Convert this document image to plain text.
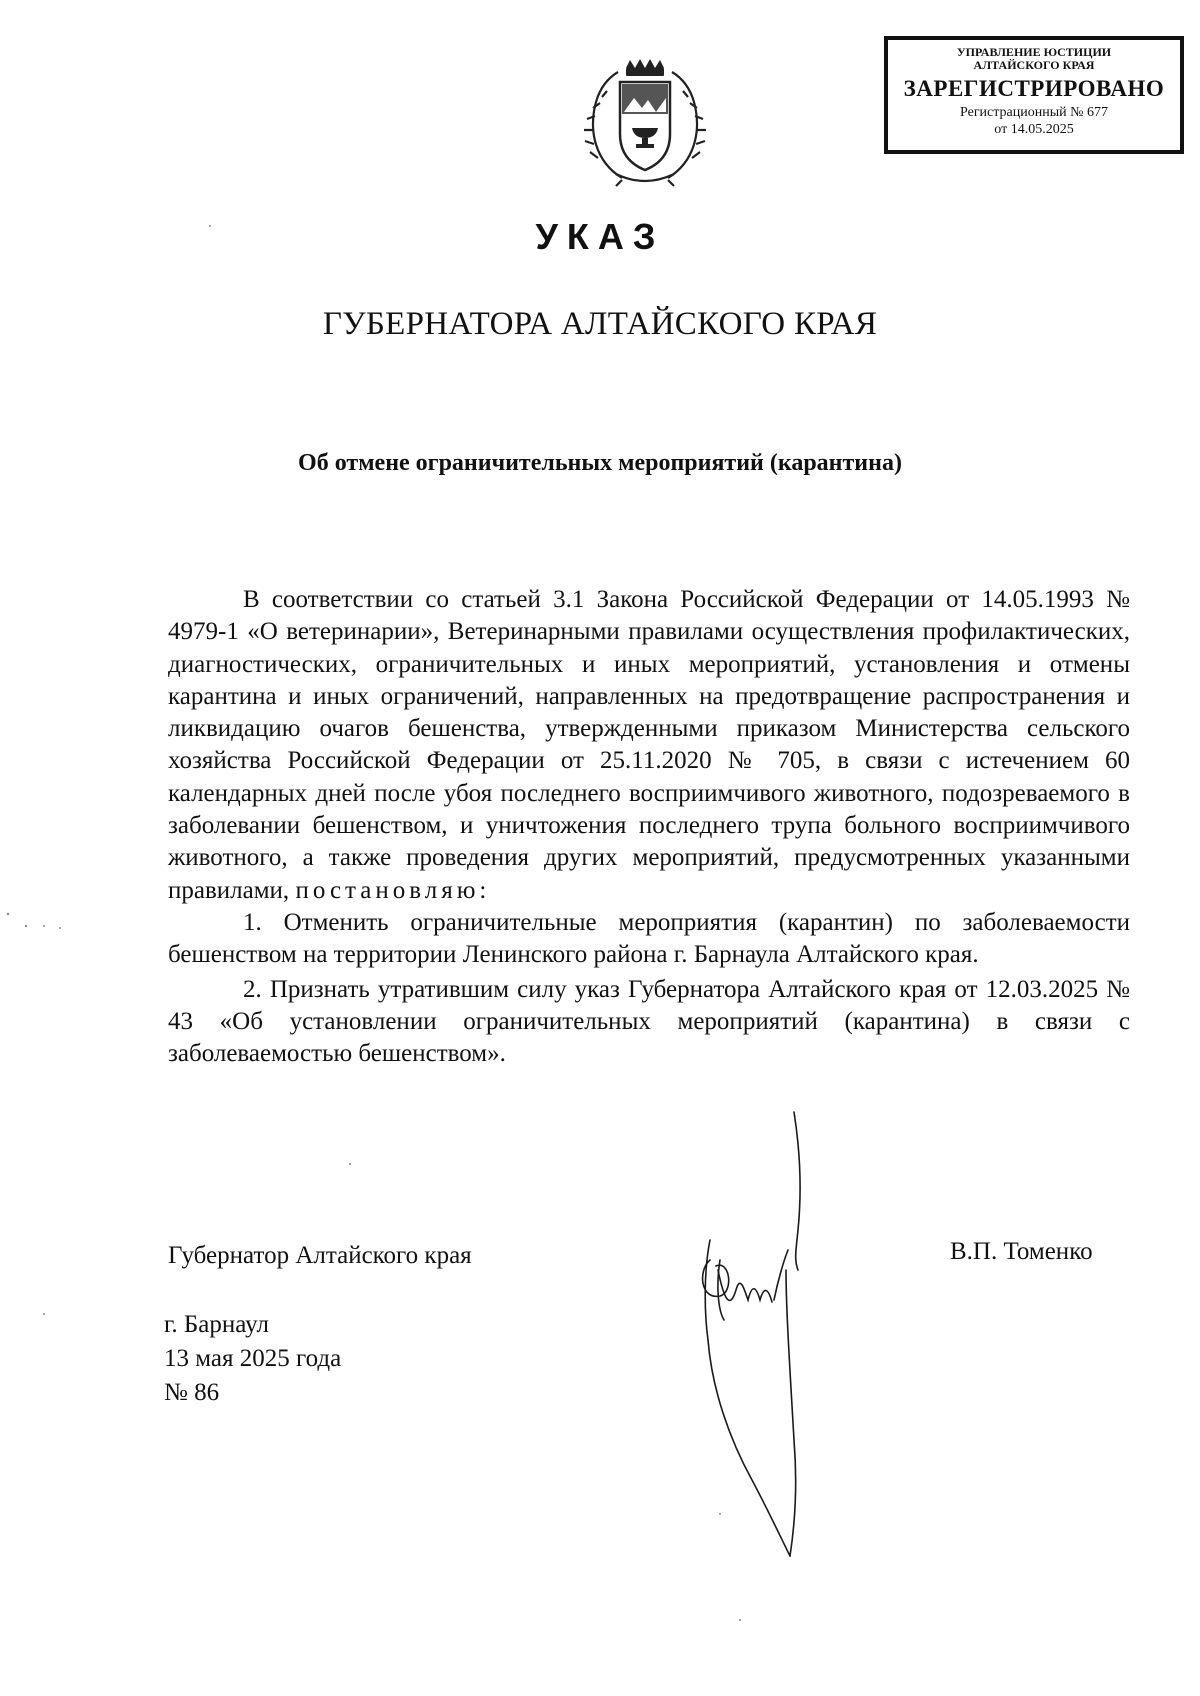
УПРАВЛЕНИЕ ЮСТИЦИИ
АЛТАЙСКОГО КРАЯ
ЗАРЕГИСТРИРОВАНО
Регистрационный № 677
от 14.05.2025
УКАЗ
ГУБЕРНАТОРА АЛТАЙСКОГО КРАЯ
Об отмене ограничительных мероприятий (карантина)

В соответствии со статьей 3.1 Закона Российской Федерации от 14.05.1993 № 4979-1 «О ветеринарии», Ветеринарными правилами осуществления профилактических, диагностических, ограничительных и иных мероприятий, установления и отмены карантина и иных ограничений, направленных на предотвращение распространения и ликвидацию очагов бешенства, утвержденными приказом Министерства сельского хозяйства Российской Федерации от 25.11.2020 № 705, в связи с истечением 60 календарных дней после убоя последнего восприимчивого животного, подозреваемого в заболевании бешенством, и уничтожения последнего трупа больного восприимчивого животного, а также проведения других мероприятий, предусмотренных указанными правилами, постановляю:

1. Отменить ограничительные мероприятия (карантин) по заболеваемости бешенством на территории Ленинского района г. Барнаула Алтайского края.

2. Признать утратившим силу указ Губернатора Алтайского края от 12.03.2025 № 43 «Об установлении ограничительных мероприятий (карантина) в связи с заболеваемостью бешенством».

Губернатор Алтайского края	В.П. Томенко
г. Барнаул
13 мая 2025 года
№ 86
